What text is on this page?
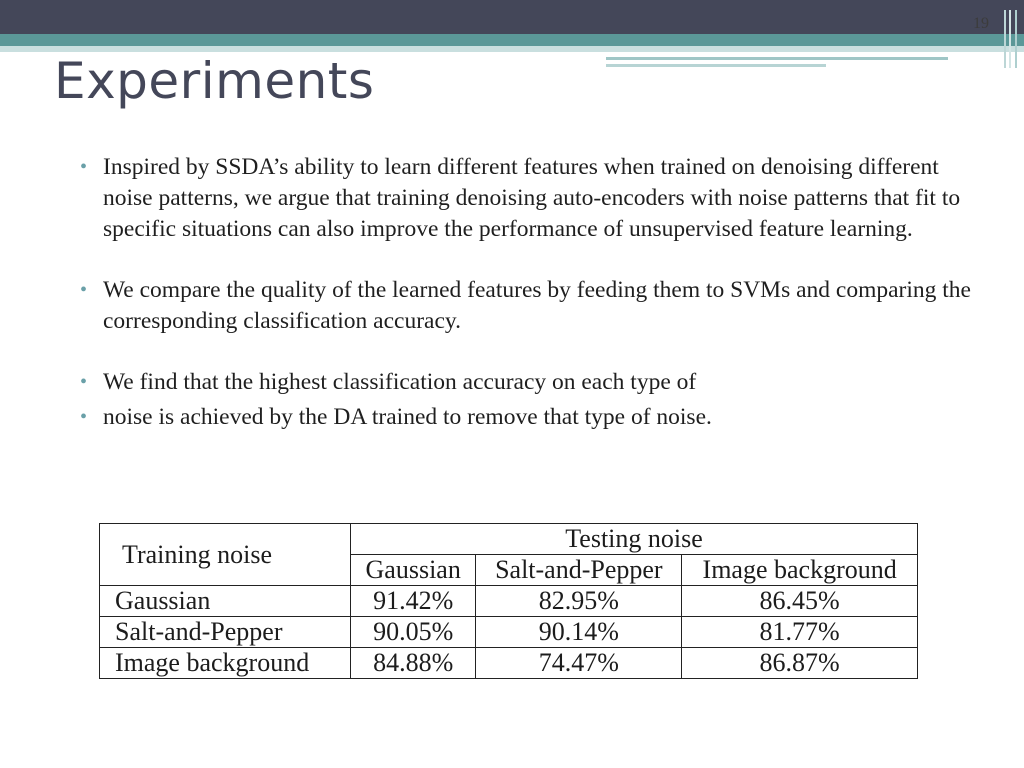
19
Experiments
• Inspired by SSDA’s ability to learn different features when trained on denoising different noise patterns, we argue that training denoising auto-encoders with noise patterns that fit to specific situations can also improve the performance of unsupervised feature learning.
• We compare the quality of the learned features by feeding them to SVMs and comparing the corresponding classification accuracy.
• We find that the highest classification accuracy on each type of
• noise is achieved by the DA trained to remove that type of noise.
Training noise	Testing noise		
	Gaussian	Salt-and-Pepper	Image background
Gaussian	91.42%	82.95%	86.45%
Salt-and-Pepper	90.05%	90.14%	81.77%
Image background	84.88%	74.47%	86.87%
